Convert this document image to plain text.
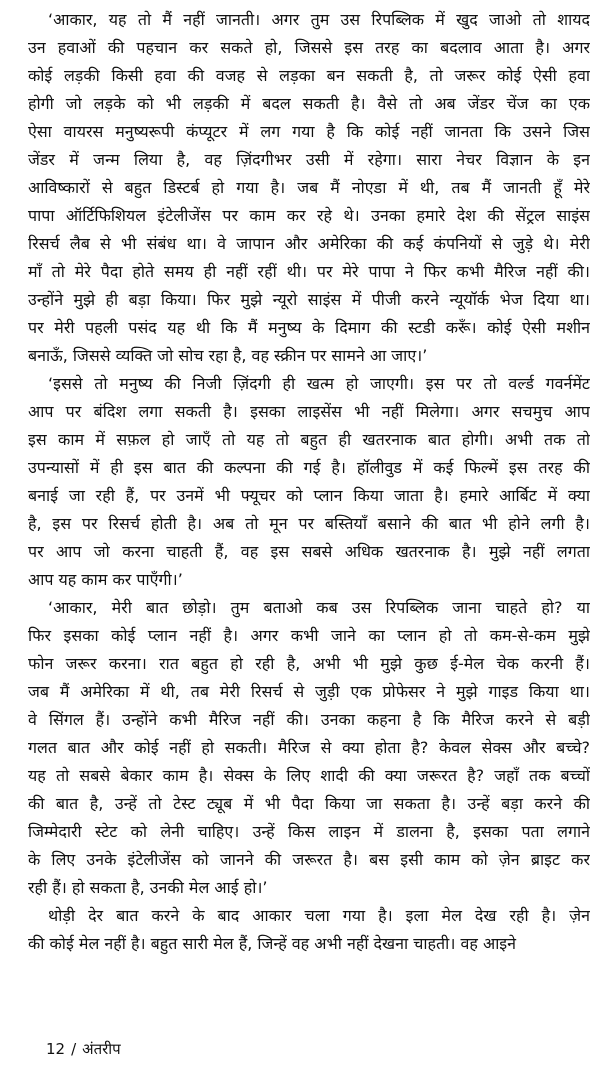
‘आकार, यह तो मैं नहीं जानती। अगर तुम उस रिपब्लिक में खुद जाओ तो शायद
उन हवाओं की पहचान कर सकते हो, जिससे इस तरह का बदलाव आता है। अगर
कोई लड़की किसी हवा की वजह से लड़का बन सकती है, तो जरूर कोई ऐसी हवा
होगी जो लड़के को भी लड़की में बदल सकती है। वैसे तो अब जेंडर चेंज का एक
ऐसा वायरस मनुष्यरूपी कंप्यूटर में लग गया है कि कोई नहीं जानता कि उसने जिस
जेंडर में जन्म लिया है, वह ज़िंदगीभर उसी में रहेगा। सारा नेचर विज्ञान के इन
आविष्कारों से बहुत डिस्टर्ब हो गया है। जब मैं नोएडा में थी, तब मैं जानती हूँ मेरे
पापा ऑर्टिफिशियल इंटेलीजेंस पर काम कर रहे थे। उनका हमारे देश की सेंट्रल साइंस
रिसर्च लैब से भी संबंध था। वे जापान और अमेरिका की कई कंपनियों से जुड़े थे। मेरी
माँ तो मेरे पैदा होते समय ही नहीं रहीं थी। पर मेरे पापा ने फिर कभी मैरिज नहीं की।
उन्होंने मुझे ही बड़ा किया। फिर मुझे न्यूरो साइंस में पीजी करने न्यूयॉर्क भेज दिया था।
पर मेरी पहली पसंद यह थी कि मैं मनुष्य के दिमाग की स्टडी करूँ। कोई ऐसी मशीन
बनाऊँ, जिससे व्यक्ति जो सोच रहा है, वह स्क्रीन पर सामने आ जाए।’
‘इससे तो मनुष्य की निजी ज़िंदगी ही खत्म हो जाएगी। इस पर तो वर्ल्ड गवर्नमेंट
आप पर बंदिश लगा सकती है। इसका लाइसेंस भी नहीं मिलेगा। अगर सचमुच आप
इस काम में सफ़ल हो जाएँ तो यह तो बहुत ही खतरनाक बात होगी। अभी तक तो
उपन्यासों में ही इस बात की कल्पना की गई है। हॉलीवुड में कई फिल्में इस तरह की
बनाई जा रही हैं, पर उनमें भी फ्यूचर को प्लान किया जाता है। हमारे आर्बिट में क्या
है, इस पर रिसर्च होती है। अब तो मून पर बस्तियाँ बसाने की बात भी होने लगी है।
पर आप जो करना चाहती हैं, वह इस सबसे अधिक खतरनाक है। मुझे नहीं लगता
आप यह काम कर पाएँगी।’
‘आकार, मेरी बात छोड़ो। तुम बताओ कब उस रिपब्लिक जाना चाहते हो? या
फिर इसका कोई प्लान नहीं है। अगर कभी जाने का प्लान हो तो कम-से-कम मुझे
फोन जरूर करना। रात बहुत हो रही है, अभी भी मुझे कुछ ई-मेल चेक करनी हैं।
जब मैं अमेरिका में थी, तब मेरी रिसर्च से जुड़ी एक प्रोफेसर ने मुझे गाइड किया था।
वे सिंगल हैं। उन्होंने कभी मैरिज नहीं की। उनका कहना है कि मैरिज करने से बड़ी
गलत बात और कोई नहीं हो सकती। मैरिज से क्या होता है? केवल सेक्स और बच्चे?
यह तो सबसे बेकार काम है। सेक्स के लिए शादी की क्या जरूरत है? जहाँ तक बच्चों
की बात है, उन्हें तो टेस्ट ट्यूब में भी पैदा किया जा सकता है। उन्हें बड़ा करने की
जिम्मेदारी स्टेट को लेनी चाहिए। उन्हें किस लाइन में डालना है, इसका पता लगाने
के लिए उनके इंटेलीजेंस को जानने की जरूरत है। बस इसी काम को ज़ेन ब्राइट कर
रही हैं। हो सकता है, उनकी मेल आई हो।’
थोड़ी देर बात करने के बाद आकार चला गया है। इला मेल देख रही है। ज़ेन
की कोई मेल नहीं है। बहुत सारी मेल हैं, जिन्हें वह अभी नहीं देखना चाहती। वह आइने
12 / अंतरीप
